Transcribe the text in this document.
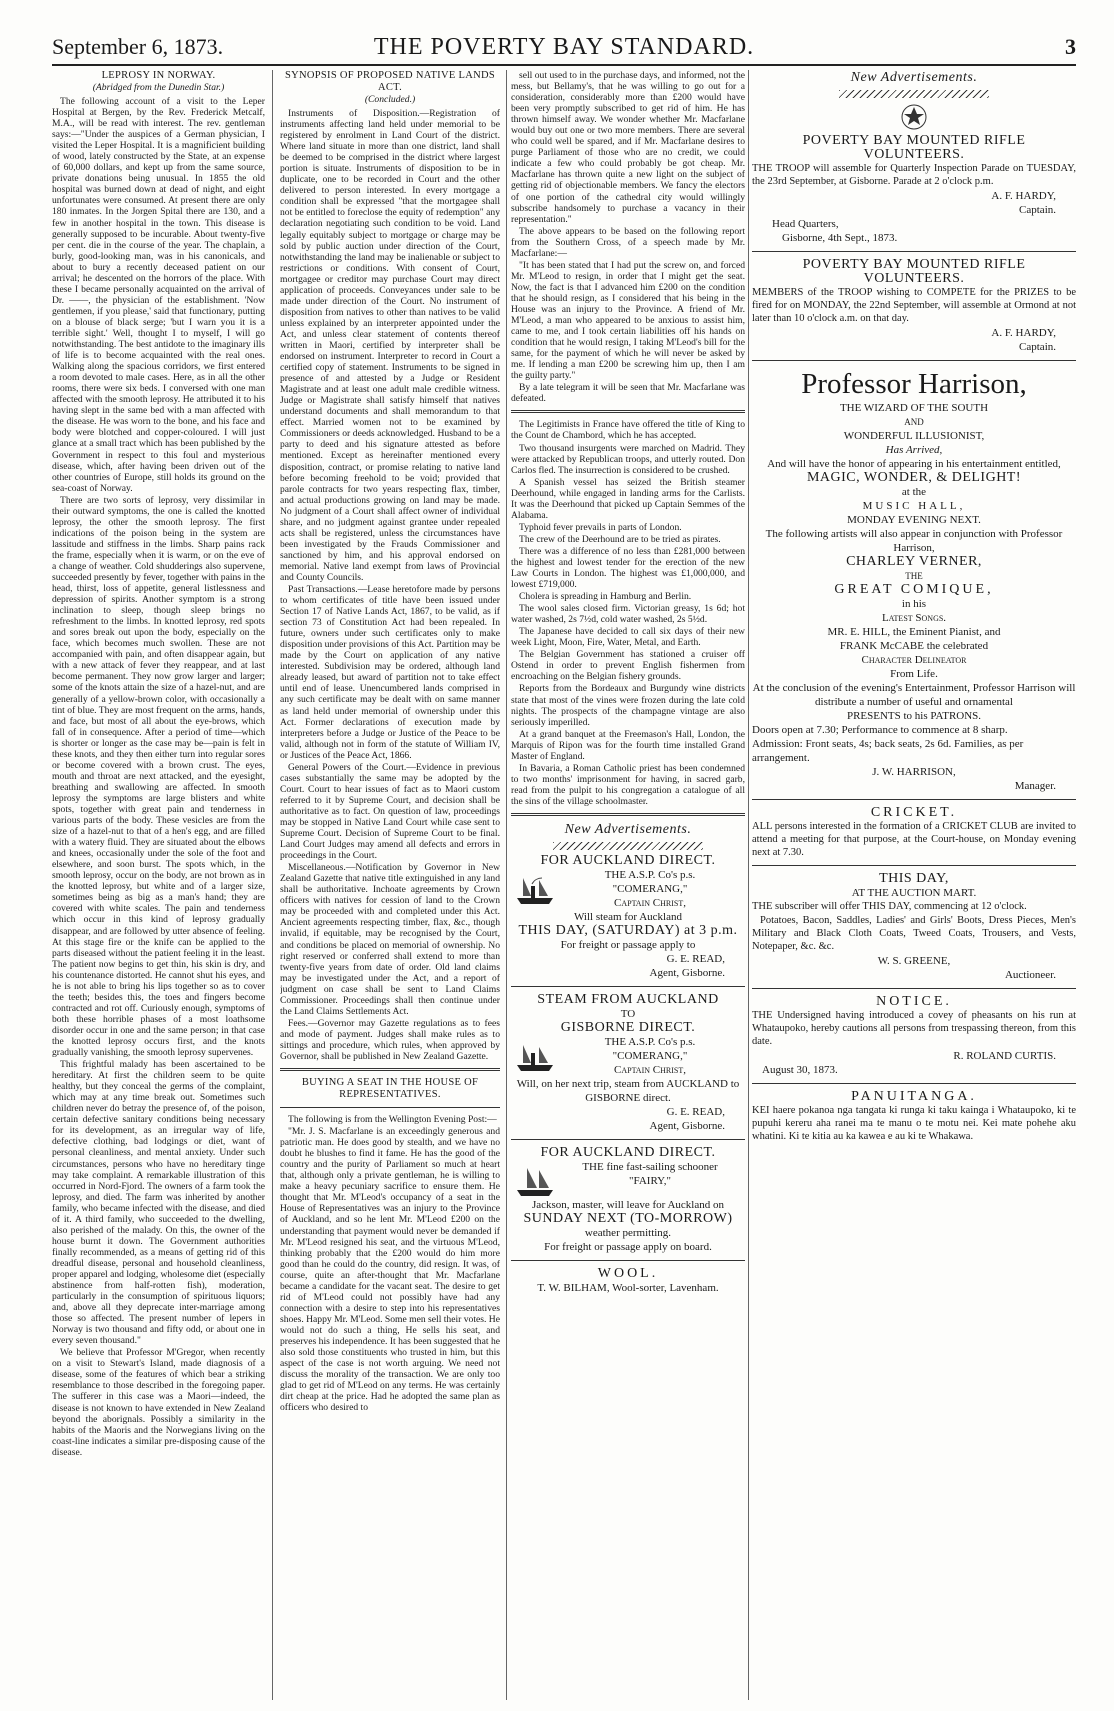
September 6, 1873.	THE POVERTY BAY STANDARD.	3
LEPROSY IN NORWAY.
(Abridged from the Dunedin Star.)

The following account of a visit to the Leper Hospital at Bergen, by the Rev. Frederick Metcalf, M.A., will be read with interest. The rev. gentleman says:—"Under the auspices of a German physician, I visited the Leper Hospital. It is a magnificient building of wood, lately constructed by the State, at an expense of 60,000 dollars, and kept up from the same source, private donations being unusual. In 1855 the old hospital was burned down at dead of night, and eight unfortunates were consumed. At present there are only 180 inmates. In the Jorgen Spital there are 130, and a few in another hospital in the town. This disease is generally supposed to be incurable. About twenty-five per cent. die in the course of the year. The chaplain, a burly, good-looking man, was in his canonicals, and about to bury a recently deceased patient on our arrival; he descented on the horrors of the place. With these I became personally acquainted on the arrival of Dr. ——, the physician of the establishment. 'Now gentlemen, if you please,' said that functionary, putting on a blouse of black serge; 'but I warn you it is a terrible sight.' Well, thought I to myself, I will go notwithstanding. The best antidote to the imaginary ills of life is to become acquainted with the real ones. Walking along the spacious corridors, we first entered a room devoted to male cases. Here, as in all the other rooms, there were six beds. I conversed with one man affected with the smooth leprosy. He attributed it to his having slept in the same bed with a man affected with the disease. He was worn to the bone, and his face and body were blotched and copper-coloured. I will just glance at a small tract which has been published by the Government in respect to this foul and mysterious disease, which, after having been driven out of the other countries of Europe, still holds its ground on the sea-coast of Norway.

There are two sorts of leprosy, very dissimilar in their outward symptoms, the one is called the knotted leprosy, the other the smooth leprosy. The first indications of the poison being in the system are lassitude and stiffness in the limbs. Sharp pains rack the frame, especially when it is warm, or on the eve of a change of weather. Cold shudderings also supervene, succeeded presently by fever, together with pains in the head, thirst, loss of appetite, general listlessness and depression of spirits. Another symptom is a strong inclination to sleep, though sleep brings no refreshment to the limbs. In knotted leprosy, red spots and sores break out upon the body, especially on the face, which becomes much swollen. These are not accompanied with pain, and often disappear again, but with a new attack of fever they reappear, and at last become permanent. They now grow larger and larger; some of the knots attain the size of a hazel-nut, and are generally of a yellow-brown color, with occasionally a tint of blue. They are most frequent on the arms, hands, and face, but most of all about the eye-brows, which fall of in consequence. After a period of time—which is shorter or longer as the case may be—pain is felt in these knots, and they then either turn into regular sores or become covered with a brown crust. The eyes, mouth and throat are next attacked, and the eyesight, breathing and swallowing are affected. In smooth leprosy the symptoms are large blisters and white spots, together with great pain and tenderness in various parts of the body. These vesicles are from the size of a hazel-nut to that of a hen's egg, and are filled with a watery fluid. They are situated about the elbows and knees, occasionally under the sole of the foot and elsewhere, and soon burst. The spots which, in the smooth leprosy, occur on the body, are not brown as in the knotted leprosy, but white and of a larger size, sometimes being as big as a man's hand; they are covered with white scales. The pain and tenderness which occur in this kind of leprosy gradually disappear, and are followed by utter absence of feeling. At this stage fire or the knife can be applied to the parts diseased without the patient feeling it in the least. The patient now begins to get thin, his skin is dry, and his countenance distorted. He cannot shut his eyes, and he is not able to bring his lips together so as to cover the teeth; besides this, the toes and fingers become contracted and rot off. Curiously enough, symptoms of both these horrible phases of a most loathsome disorder occur in one and the same person; in that case the knotted leprosy occurs first, and the knots gradually vanishing, the smooth leprosy supervenes.

This frightful malady has been ascertained to be hereditary. At first the children seem to be quite healthy, but they conceal the germs of the complaint, which may at any time break out. Sometimes such children never do betray the presence of, of the poison, certain defective sanitary conditions being necessary for its development, as an irregular way of life, defective clothing, bad lodgings or diet, want of personal cleanliness, and mental anxiety. Under such circumstances, persons who have no hereditary tinge may take complaint. A remarkable illustration of this occurred in Nord-Fjord. The owners of a farm took the leprosy, and died. The farm was inherited by another family, who became infected with the disease, and died of it. A third family, who succeeded to the dwelling, also perished of the malady. On this, the owner of the house burnt it down. The Government authorities finally recommended, as a means of getting rid of this dreadful disease, personal and household cleanliness, proper apparel and lodging, wholesome diet (especially abstinence from half-rotten fish), moderation, particularly in the consumption of spirituous liquors; and, above all they deprecate inter-marriage among those so affected. The present number of lepers in Norway is two thousand and fifty odd, or about one in every seven thousand."

We believe that Professor M'Gregor, when recently on a visit to Stewart's Island, made diagnosis of a disease, some of the features of which bear a striking resemblance to those described in the foregoing paper. The sufferer in this case was a Maori—indeed, the disease is not known to have extended in New Zealand beyond the aborignals. Possibly a similarity in the habits of the Maoris and the Norwegians living on the coast-line indicates a similar pre-disposing cause of the disease.

SYNOPSIS OF PROPOSED NATIVE LANDS ACT.
(Concluded.)

Instruments of Disposition.—Registration of instruments affecting land held under memorial to be registered by enrolment in Land Court of the district. Where land situate in more than one district, land shall be deemed to be comprised in the district where largest portion is situate. Instruments of disposition to be in duplicate, one to be recorded in Court and the other delivered to person interested. In every mortgage a condition shall be expressed "that the mortgagee shall not be entitled to foreclose the equity of redemption" any declaration negotiating such condition to be void. Land legally equitably subject to mortgage or charge may be sold by public auction under direction of the Court, notwithstanding the land may be inalienable or subject to restrictions or conditions. With consent of Court, mortgagee or creditor may purchase Court may direct application of proceeds. Conveyances under sale to be made under direction of the Court. No instrument of disposition from natives to other than natives to be valid unless explained by an interpreter appointed under the Act, and unless clear statement of contents thereof written in Maori, certified by interpreter shall be endorsed on instrument. Interpreter to record in Court a certified copy of statement. Instruments to be signed in presence of and attested by a Judge or Resident Magistrate and at least one adult male credible witness. Judge or Magistrate shall satisfy himself that natives understand documents and shall memorandum to that effect. Married women not to be examined by Commissioners or deeds acknowledged. Husband to be a party to deed and his signature attested as before mentioned. Except as hereinafter mentioned every disposition, contract, or promise relating to native land before becoming freehold to be void; provided that parole contracts for two years respecting flax, timber, and actual productions growing on land may be made. No judgment of a Court shall affect owner of individual share, and no judgment against grantee under repealed acts shall be registered, unless the circumstances have been investigated by the Frauds Commissioner and sanctioned by him, and his approval endorsed on memorial. Native land exempt from laws of Provincial and County Councils.

Past Transactions.—Lease heretofore made by persons to whom certificates of title have been issued under Section 17 of Native Lands Act, 1867, to be valid, as if section 73 of Constitution Act had been repealed. In future, owners under such certificates only to make disposition under provisions of this Act. Partition may be made by the Court on application of any native interested. Subdivision may be ordered, although land already leased, but award of partition not to take effect until end of lease. Unencumbered lands comprised in any such certificate may be dealt with on same manner as land held under memorial of ownership under this Act. Former declarations of execution made by interpreters before a Judge or Justice of the Peace to be valid, although not in form of the statute of William IV, or Justices of the Peace Act, 1866.

General Powers of the Court.—Evidence in previous cases substantially the same may be adopted by the Court. Court to hear issues of fact as to Maori custom referred to it by Supreme Court, and decision shall be authoritative as to fact. On question of law, proceedings may be stopped in Native Land Court while case sent to Supreme Court. Decision of Supreme Court to be final. Land Court Judges may amend all defects and errors in proceedings in the Court.

Miscellaneous.—Notification by Governor in New Zealand Gazette that native title extinguished in any land shall be authoritative. Inchoate agreements by Crown officers with natives for cession of land to the Crown may be proceeded with and completed under this Act. Ancient agreements respecting timber, flax, &c., though invalid, if equitable, may be recognised by the Court, and conditions be placed on memorial of ownership. No right reserved or conferred shall extend to more than twenty-five years from date of order. Old land claims may be investigated under the Act, and a report of judgment on case shall be sent to Land Claims Commissioner. Proceedings shall then continue under the Land Claims Settlements Act.

Fees.—Governor may Gazette regulations as to fees and mode of payment. Judges shall make rules as to sittings and procedure, which rules, when approved by Governor, shall be published in New Zealand Gazette.

BUYING A SEAT IN THE HOUSE OF REPRESENTATIVES.

The following is from the Wellington Evening Post:—

"Mr. J. S. Macfarlane is an exceedingly generous and patriotic man. He does good by stealth, and we have no doubt he blushes to find it fame. He has the good of the country and the purity of Parliament so much at heart that, although only a private gentleman, he is willing to make a heavy pecuniary sacrifice to ensure them. He thought that Mr. M'Leod's occupancy of a seat in the House of Representatives was an injury to the Province of Auckland, and so he lent Mr. M'Leod £200 on the understanding that payment would never be demanded if Mr. M'Leod resigned his seat, and the virtuous M'Leod, thinking probably that the £200 would do him more good than he could do the country, did resign. It was, of course, quite an after-thought that Mr. Macfarlane became a candidate for the vacant seat. The desire to get rid of M'Leod could not possibly have had any connection with a desire to step into his representatives shoes. Happy Mr. M'Leod. Some men sell their votes. He would not do such a thing, He sells his seat, and preserves his independence. It has been suggested that he also sold those constituents who trusted in him, but this aspect of the case is not worth arguing. We need not discuss the morality of the transaction. We are only too glad to get rid of M'Leod on any terms. He was certainly dirt cheap at the price. Had he adopted the same plan as officers who desired to

sell out used to in the purchase days, and informed, not the mess, but Bellamy's, that he was willing to go out for a consideration, considerably more than £200 would have been very promptly subscribed to get rid of him. He has thrown himself away. We wonder whether Mr. Macfarlane would buy out one or two more members. There are several who could well be spared, and if Mr. Macfarlane desires to purge Parliament of those who are no credit, we could indicate a few who could probably be got cheap. Mr. Macfarlane has thrown quite a new light on the subject of getting rid of objectionable members. We fancy the electors of one portion of the cathedral city would willingly subscribe handsomely to purchase a vacancy in their representation."

The above appears to be based on the following report from the Southern Cross, of a speech made by Mr. Macfarlane:—

"It has been stated that I had put the screw on, and forced Mr. M'Leod to resign, in order that I might get the seat. Now, the fact is that I advanced him £200 on the condition that he should resign, as I considered that his being in the House was an injury to the Province. A friend of Mr. M'Leod, a man who appeared to be anxious to assist him, came to me, and I took certain liabilities off his hands on condition that he would resign, I taking M'Leod's bill for the same, for the payment of which he will never be asked by me. If lending a man £200 be screwing him up, then I am the guilty party."

By a late telegram it will be seen that Mr. Macfarlane was defeated.

The Legitimists in France have offered the title of King to the Count de Chambord, which he has accepted.

Two thousand insurgents were marched on Madrid. They were attacked by Republican troops, and utterly routed. Don Carlos fled. The insurrection is considered to be crushed.

A Spanish vessel has seized the British steamer Deerhound, while engaged in landing arms for the Carlists. It was the Deerhound that picked up Captain Semmes of the Alabama.

Typhoid fever prevails in parts of London.

The crew of the Deerhound are to be tried as pirates.

There was a difference of no less than £281,000 between the highest and lowest tender for the erection of the new Law Courts in London. The highest was £1,000,000, and lowest £719,000.

Cholera is spreading in Hamburg and Berlin.

The wool sales closed firm. Victorian greasy, 1s 6d; hot water washed, 2s 7½d, cold water washed, 2s 5½d.

The Japanese have decided to call six days of their new week Light, Moon, Fire, Water, Metal, and Earth.

The Belgian Government has stationed a cruiser off Ostend in order to prevent English fishermen from encroaching on the Belgian fishery grounds.

Reports from the Bordeaux and Burgundy wine districts state that most of the vines were frozen during the late cold nights. The prospects of the champagne vintage are also seriously imperilled.

At a grand banquet at the Freemason's Hall, London, the Marquis of Ripon was for the fourth time installed Grand Master of England.

In Bavaria, a Roman Catholic priest has been condemned to two months' imprisonment for having, in sacred garb, read from the pulpit to his congregation a catalogue of all the sins of the village schoolmaster.

New Advertisements.
FOR AUCKLAND DIRECT.
THE A.S.P. Co's p.s.
"COMERANG,"
Captain Christ,
Will steam for Auckland
THIS DAY, (SATURDAY) at 3 p.m.
For freight or passage apply to
G. E. READ,
Agent, Gisborne.
STEAM FROM AUCKLAND
TO
GISBORNE DIRECT.
THE A.S.P. Co's p.s.
"COMERANG,"
Captain Christ,
Will, on her next trip, steam from AUCKLAND to GISBORNE direct.
G. E. READ,
Agent, Gisborne.
FOR AUCKLAND DIRECT.
THE fine fast-sailing schooner
"FAIRY,"
Jackson, master, will leave for Auckland on
SUNDAY NEXT (TO-MORROW)
weather permitting.
For freight or passage apply on board.
WOOL.
T. W. BILHAM, Wool-sorter, Lavenham.
New Advertisements.
POVERTY BAY MOUNTED RIFLE VOLUNTEERS.

THE TROOP will assemble for Quarterly Inspection Parade on TUESDAY, the 23rd September, at Gisborne. Parade at 2 o'clock p.m.

A. F. HARDY,
Captain.
Head Quarters,
Gisborne, 4th Sept., 1873.
POVERTY BAY MOUNTED RIFLE VOLUNTEERS.

MEMBERS of the TROOP wishing to COMPETE for the PRIZES to be fired for on MONDAY, the 22nd September, will assemble at Ormond at not later than 10 o'clock a.m. on that day.

A. F. HARDY,
Captain.
Professor Harrison,
THE WIZARD OF THE SOUTH
AND
WONDERFUL ILLUSIONIST,
Has Arrived,
And will have the honor of appearing in his entertainment entitled,
MAGIC, WONDER, & DELIGHT!
at the
MUSIC HALL,
MONDAY EVENING NEXT.
The following artists will also appear in conjunction with Professor Harrison,
CHARLEY VERNER,
THE
GREAT COMIQUE,
in his
Latest Songs.
MR. E. HILL, the Eminent Pianist, and
FRANK McCABE the celebrated
Character Delineator
From Life.
At the conclusion of the evening's Entertainment, Professor Harrison will distribute a number of useful and ornamental
PRESENTS to his PATRONS.
Doors open at 7.30; Performance to commence at 8 sharp.
Admission: Front seats, 4s; back seats, 2s 6d. Families, as per arrangement.
J. W. HARRISON,
Manager.
CRICKET.

ALL persons interested in the formation of a CRICKET CLUB are invited to attend a meeting for that purpose, at the Court-house, on Monday evening next at 7.30.

THIS DAY,
AT THE AUCTION MART.

THE subscriber will offer THIS DAY, commencing at 12 o'clock.

Potatoes, Bacon, Saddles, Ladies' and Girls' Boots, Dress Pieces, Men's Military and Black Cloth Coats, Tweed Coats, Trousers, and Vests, Notepaper, &c. &c.

W. S. GREENE,
Auctioneer.
NOTICE.

THE Undersigned having introduced a covey of pheasants on his run at Whataupoko, hereby cautions all persons from trespassing thereon, from this date.

R. ROLAND CURTIS.
August 30, 1873.
PANUITANGA.

KEI haere pokanoa nga tangata ki runga ki taku kainga i Whataupoko, ki te pupuhi kereru aha ranei ma te manu o te motu nei. Kei mate pohehe aku whatini. Ki te kitia au ka kawea e au ki te Whakawa.
